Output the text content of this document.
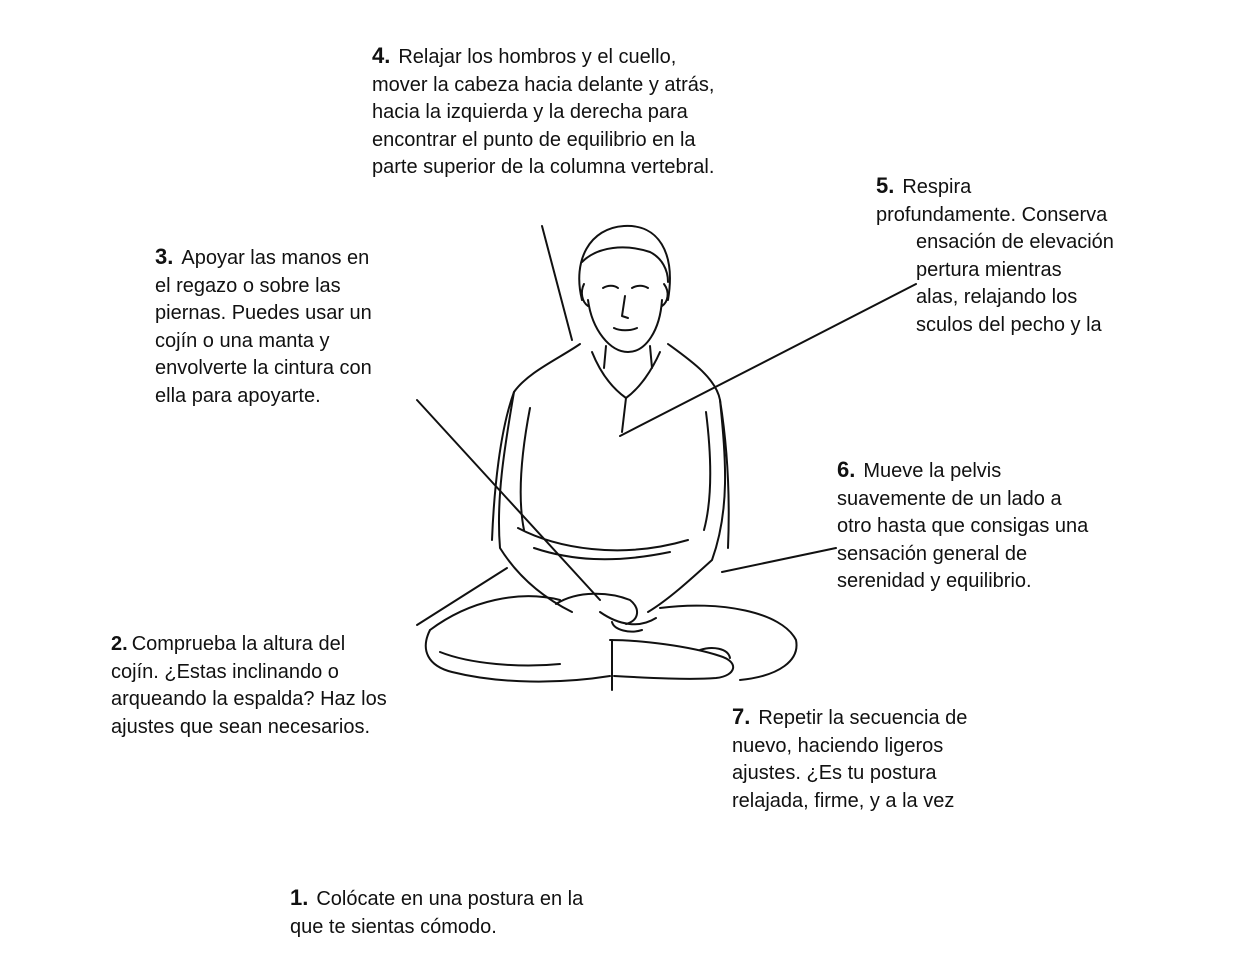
4. Relajar los hombros y el cuello,
mover la cabeza hacia delante y atrás,
hacia la izquierda y la derecha para
encontrar el punto de equilibrio en la
parte superior de la columna vertebral.
5. Respira
profundamente. Conserva
ensación de elevación
pertura mientras
alas, relajando los
sculos del pecho y la
3. Apoyar las manos en
el regazo o sobre las
piernas. Puedes usar un
cojín o una manta y
envolverte la cintura con
ella para apoyarte.
6. Mueve la pelvis
suavemente de un lado a
otro hasta que consigas una
sensación general de
serenidad y equilibrio.
2. Comprueba la altura del
cojín. ¿Estas inclinando o
arqueando la espalda? Haz los
ajustes que sean necesarios.	7. Repetir la secuencia de
nuevo, haciendo ligeros
ajustes. ¿Es tu postura
relajada, firme, y a la vez
1. Colócate en una postura en la
que te sientas cómodo.
